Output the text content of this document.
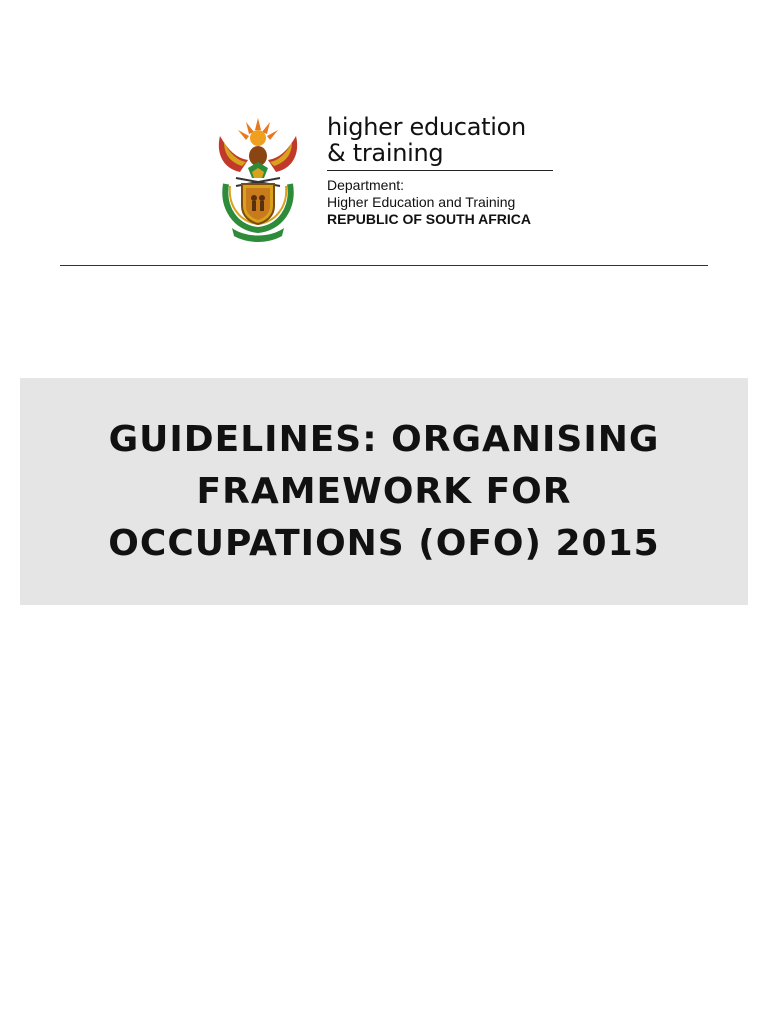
higher education
& training
Department:
Higher Education and Training
REPUBLIC OF SOUTH AFRICA
GUIDELINES: ORGANISING
FRAMEWORK FOR
OCCUPATIONS (OFO) 2015
